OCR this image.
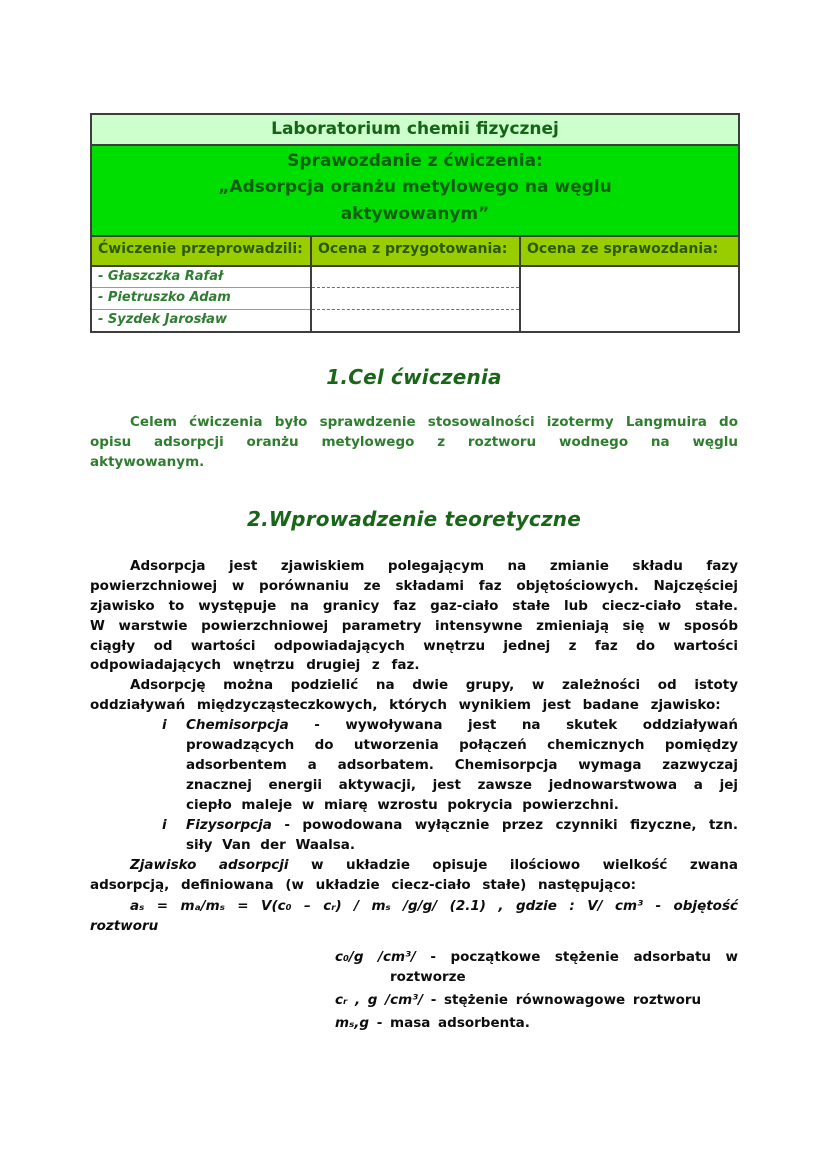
Laboratorium chemii fizycznej		

Sprawozdanie z ćwiczenia:
„Adsorpcja oranżu metylowego na węglu aktywowanym”		

Ćwiczenie przeprowadzili:	Ocena z przygotowania:	Ocena ze sprawozdania:
- Głaszczka Rafał		
- Pietruszko Adam		
- Syzdek Jarosław		
1.Cel ćwiczenia

Celem ćwiczenia było sprawdzenie stosowalności izotermy Langmuira do opisu adsorpcji oranżu metylowego z roztworu wodnego na węglu aktywowanym.

2.Wprowadzenie teoretyczne

Adsorpcja jest zjawiskiem polegającym na zmianie składu fazy powierzchniowej w porównaniu ze składami faz objętościowych. Najczęściej zjawisko to występuje na granicy faz gaz-ciało stałe lub ciecz-ciało stałe. W warstwie powierzchniowej parametry intensywne zmieniają się w sposób ciągły od wartości odpowiadających wnętrzu jednej z faz do wartości odpowiadających wnętrzu drugiej z faz.

Adsorpcję można podzielić na dwie grupy, w zależności od istoty oddziaływań międzycząsteczkowych, których wynikiem jest badane zjawisko:

i	Chemisorpcja - wywoływana jest na skutek oddziaływań prowadzących do utworzenia połączeń chemicznych pomiędzy adsorbentem a adsorbatem. Chemisorpcja wymaga zazwyczaj znacznej energii aktywacji, jest zawsze jednowarstwowa a jej ciepło maleje w miarę wzrostu pokrycia powierzchni.
i	Fizysorpcja - powodowana wyłącznie przez czynniki fizyczne, tzn. siły Van der Waalsa.

Zjawisko adsorpcji w układzie opisuje ilościowo wielkość zwana adsorpcją, definiowana (w układzie ciecz-ciało stałe) następująco:

aₛ = mₐ/mₛ = V(c₀ – cᵣ) / mₛ /g/g/ (2.1) , gdzie : V/ cm³ - objętość roztworu

c₀/g /cm³/ - początkowe stężenie adsorbatu w roztworze
cᵣ , g /cm³/ - stężenie równowagowe roztworu
mₛ,g - masa adsorbenta.
